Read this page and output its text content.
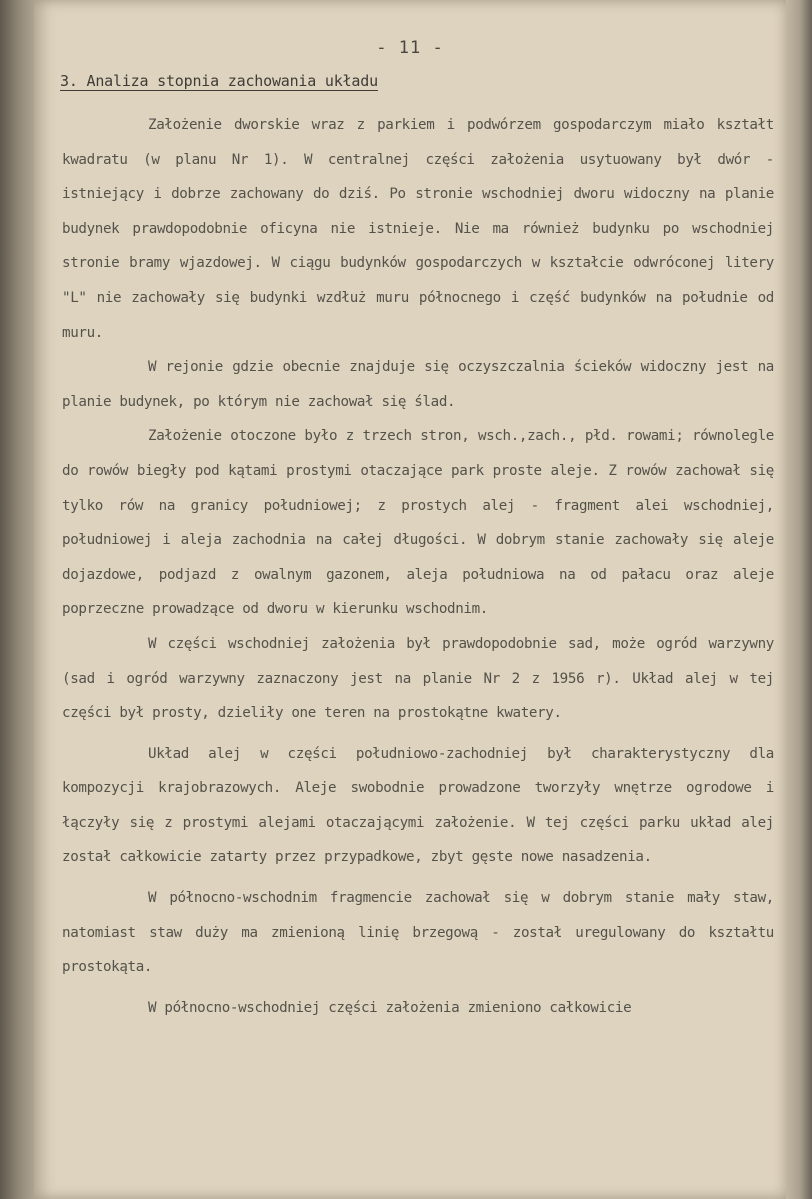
- 11 -
3. Analiza stopnia zachowania układu

Założenie dworskie wraz z parkiem i podwórzem gospodarczym miało kształt kwadratu (w planu Nr 1). W centralnej części założenia usytuowany był dwór - istniejący i dobrze zachowany do dziś. Po stronie wschodniej dworu widoczny na planie budynek prawdopodobnie oficyna nie istnieje. Nie ma również budynku po wschodniej stronie bramy wjazdowej. W ciągu budynków gospodarczych w kształcie odwróconej litery "L" nie zachowały się budynki wzdłuż muru północnego i część budynków na południe od muru.

W rejonie gdzie obecnie znajduje się oczyszczalnia ścieków widoczny jest na planie budynek, po którym nie zachował się ślad.

Założenie otoczone było z trzech stron, wsch.,zach., płd. rowami; równolegle do rowów biegły pod kątami prostymi otaczające park proste aleje. Z rowów zachował się tylko rów na granicy południowej; z prostych alej - fragment alei wschodniej, południowej i aleja zachodnia na całej długości. W dobrym stanie zachowały się aleje dojazdowe, podjazd z owalnym gazonem, aleja południowa na od pałacu oraz aleje poprzeczne prowadzące od dworu w kierunku wschodnim.

W części wschodniej założenia był prawdopodobnie sad, może ogród warzywny (sad i ogród warzywny zaznaczony jest na planie Nr 2 z 1956 r). Układ alej w tej części był prosty, dzieliły one teren na prostokątne kwatery.

Układ alej w części południowo-zachodniej był charakterystyczny dla kompozycji krajobrazowych. Aleje swobodnie prowadzone tworzyły wnętrze ogrodowe i łączyły się z prostymi alejami otaczającymi założenie. W tej części parku układ alej został całkowicie zatarty przez przypadkowe, zbyt gęste nowe nasadzenia.

W północno-wschodnim fragmencie zachował się w dobrym stanie mały staw, natomiast staw duży ma zmienioną linię brzegową - został uregulowany do kształtu prostokąta.

W północno-wschodniej części założenia zmieniono całkowicie
